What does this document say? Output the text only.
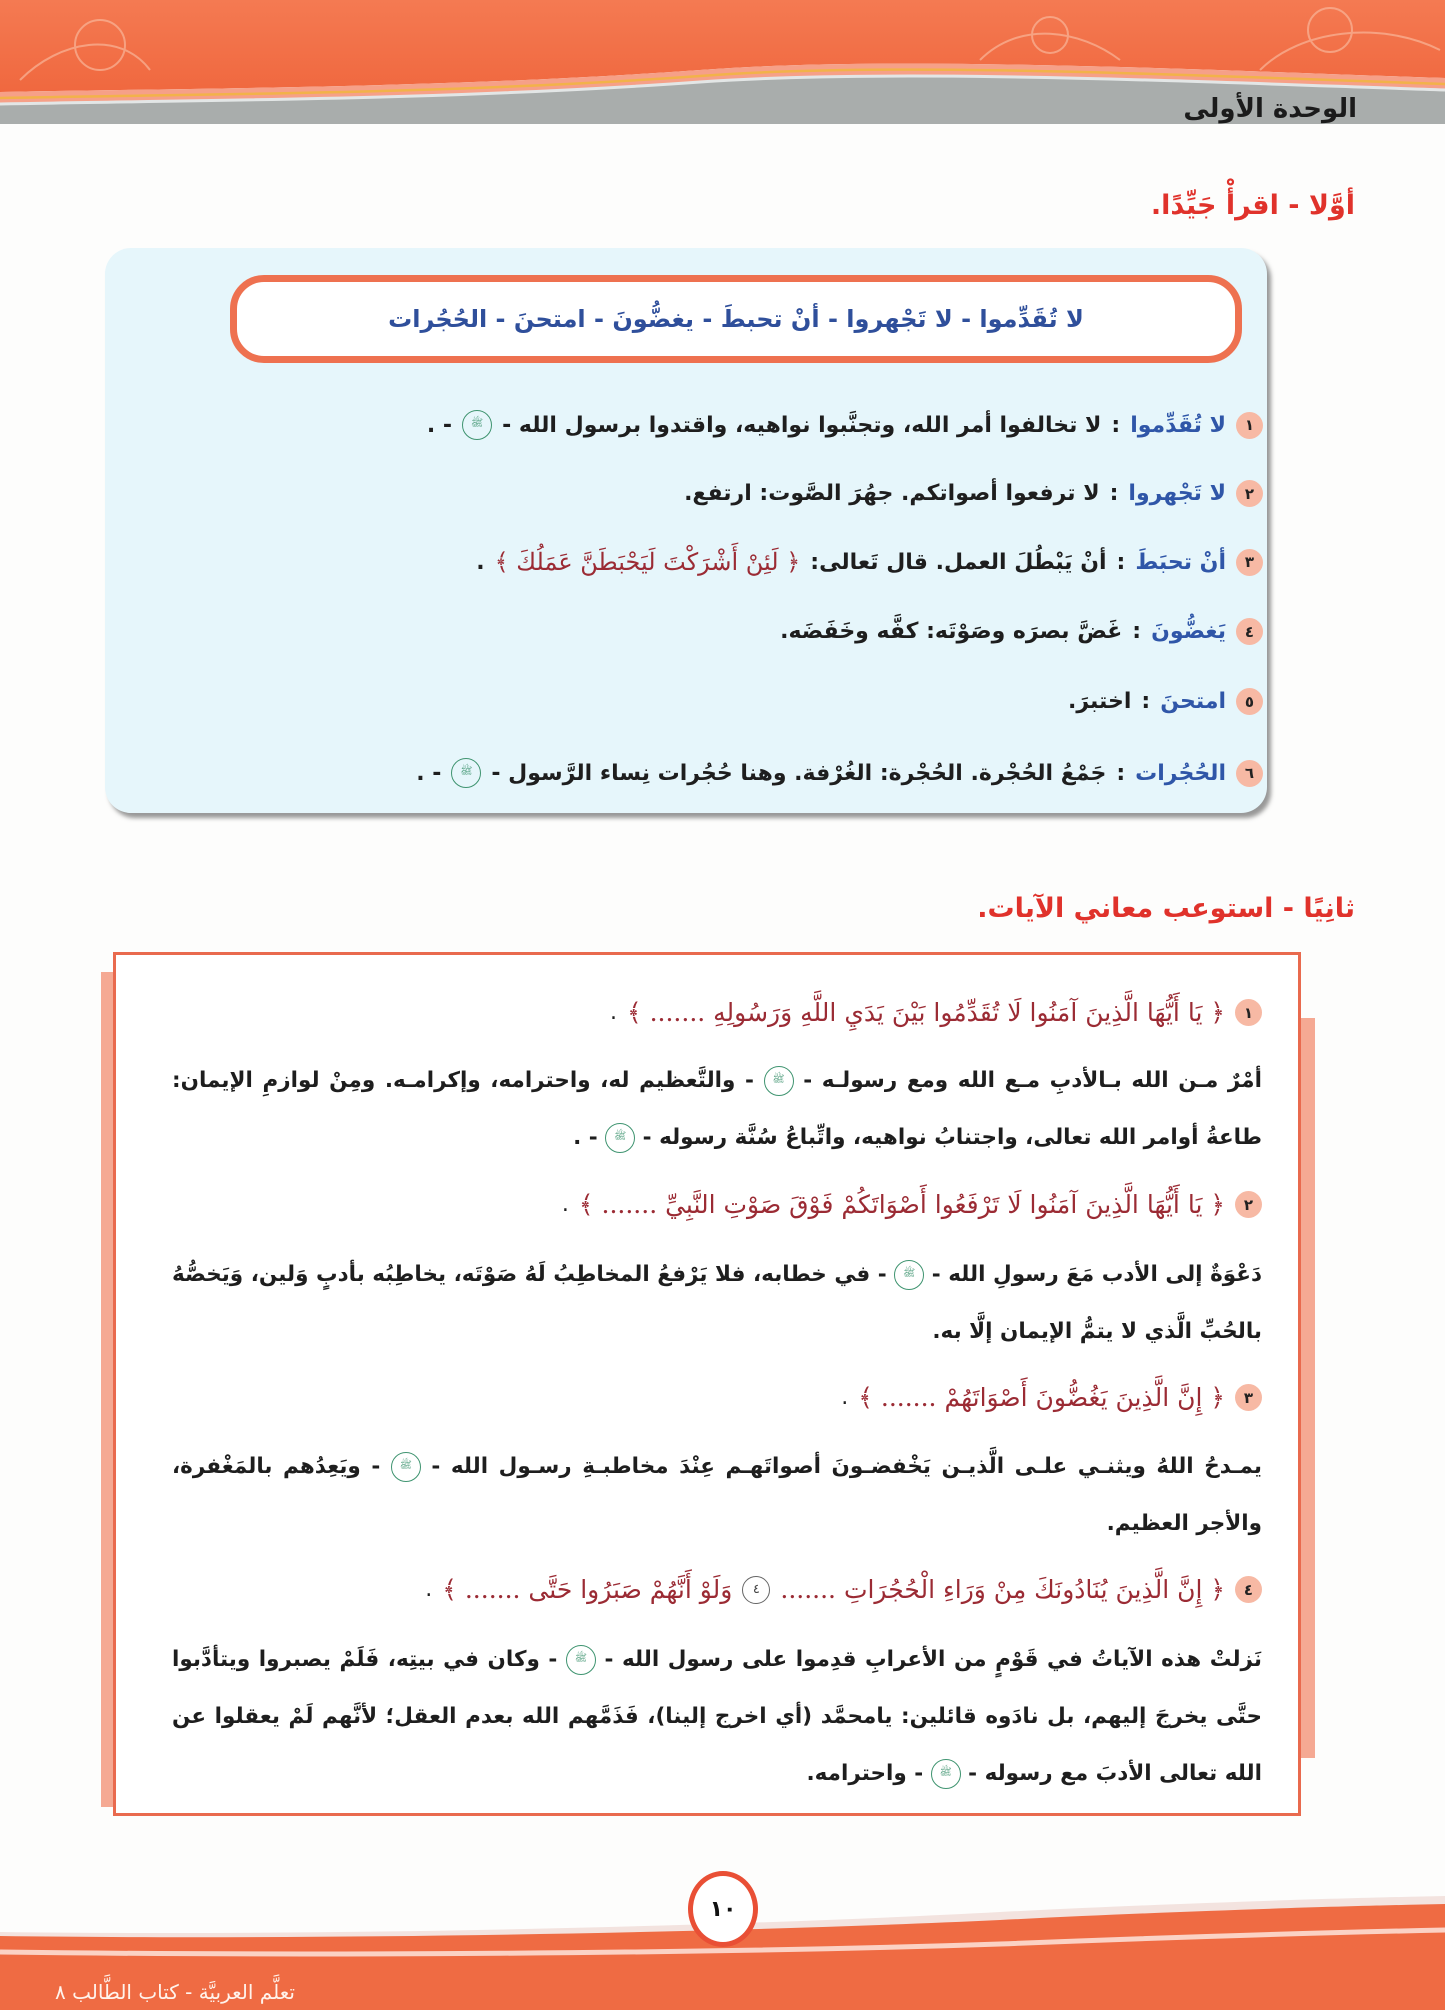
الوحدة الأولى
أوَّلا - اقرأْ جَيِّدًا.
لا تُقَدِّموا - لا تَجْهروا - أنْ تحبطَ - يغضُّونَ - امتحنَ - الحُجُرات
١
لا تُقَدِّموا
:
لا تخالفوا أمر الله، وتجنَّبوا نواهيه، واقتدوا برسول الله -
ﷺ
- .
٢
لا تَجْهروا
:
لا ترفعوا أصواتكم. جهُرَ الصَّوت: ارتفع.
٣
أنْ تحبَطَ
:
أنْ يَبْطُلَ العمل. قال تَعالى:
﴿ لَئِنْ أَشْرَكْتَ لَيَحْبَطَنَّ عَمَلُكَ ﴾
.
٤
يَغضُّونَ
:
غَضَّ بصرَه وصَوْتَه: كفَّه وخَفَضَه.
٥
امتحنَ
:
اختبرَ.
٦
الحُجُرات
:
جَمْعُ الحُجْرة. الحُجْرة: الغُرْفة. وهنا حُجُرات نِساء الرَّسول -
ﷺ
- .
ثانِيًا - استوعب معاني الآيات.
١
﴿ يَا أَيُّهَا الَّذِينَ آمَنُوا لَا تُقَدِّمُوا بَيْنَ يَدَيِ اللَّهِ وَرَسُولِهِ ....... ﴾
.
أمْرٌ مـن الله بـالأدبِ مـع الله ومع رسولـه - ﷺ - والتَّعظيم له، واحترامه، وإكرامـه. ومِنْ لوازمِ الإيمان: طاعةُ أوامر الله تعالى، واجتنابُ نواهيه، واتِّباعُ سُنَّة رسوله - ﷺ - .
٢
﴿ يَا أَيُّهَا الَّذِينَ آمَنُوا لَا تَرْفَعُوا أَصْوَاتَكُمْ فَوْقَ صَوْتِ النَّبِيِّ ....... ﴾
.
دَعْوَةٌ إلى الأدب مَعَ رسولِ الله - ﷺ - في خطابه، فلا يَرْفعُ المخاطِبُ لَهُ صَوْتَه، يخاطِبُه بأدبٍ وَلين، وَيَخصُّهُ بالحُبِّ الَّذي لا يتمُّ الإيمان إلَّا به.
٣
﴿ إِنَّ الَّذِينَ يَغُضُّونَ أَصْوَاتَهُمْ ....... ﴾
.
يمـدحُ اللهُ ويثنـي علـى الَّذيـن يَخْفضـونَ أصواتَهـم عِنْدَ مخاطبـةِ رسـول الله - ﷺ - ويَعِدُهم بالمَغْفرة، والأجر العظيم.
٤
﴿ إِنَّ الَّذِينَ يُنَادُونَكَ مِنْ وَرَاءِ الْحُجُرَاتِ .......
٤
وَلَوْ أَنَّهُمْ صَبَرُوا حَتَّى ....... ﴾
.
نَزلتْ هذه الآياتُ في قَوْمٍ من الأعرابِ قدِموا على رسول الله - ﷺ - وكان في بيتِه، فَلَمْ يصبروا ويتأدَّبوا حتَّى يخرجَ إليهم، بل نادَوه قائلين: يامحمَّد (أي اخرج إلينا)، فَذَمَّهم الله بعدم العقل؛ لأنَّهم لَمْ يعقلوا عن الله تعالى الأدبَ مع رسوله - ﷺ - واحترامه.
١٠
تعلَّم العربيَّة - كتاب الطَّالب ٨
